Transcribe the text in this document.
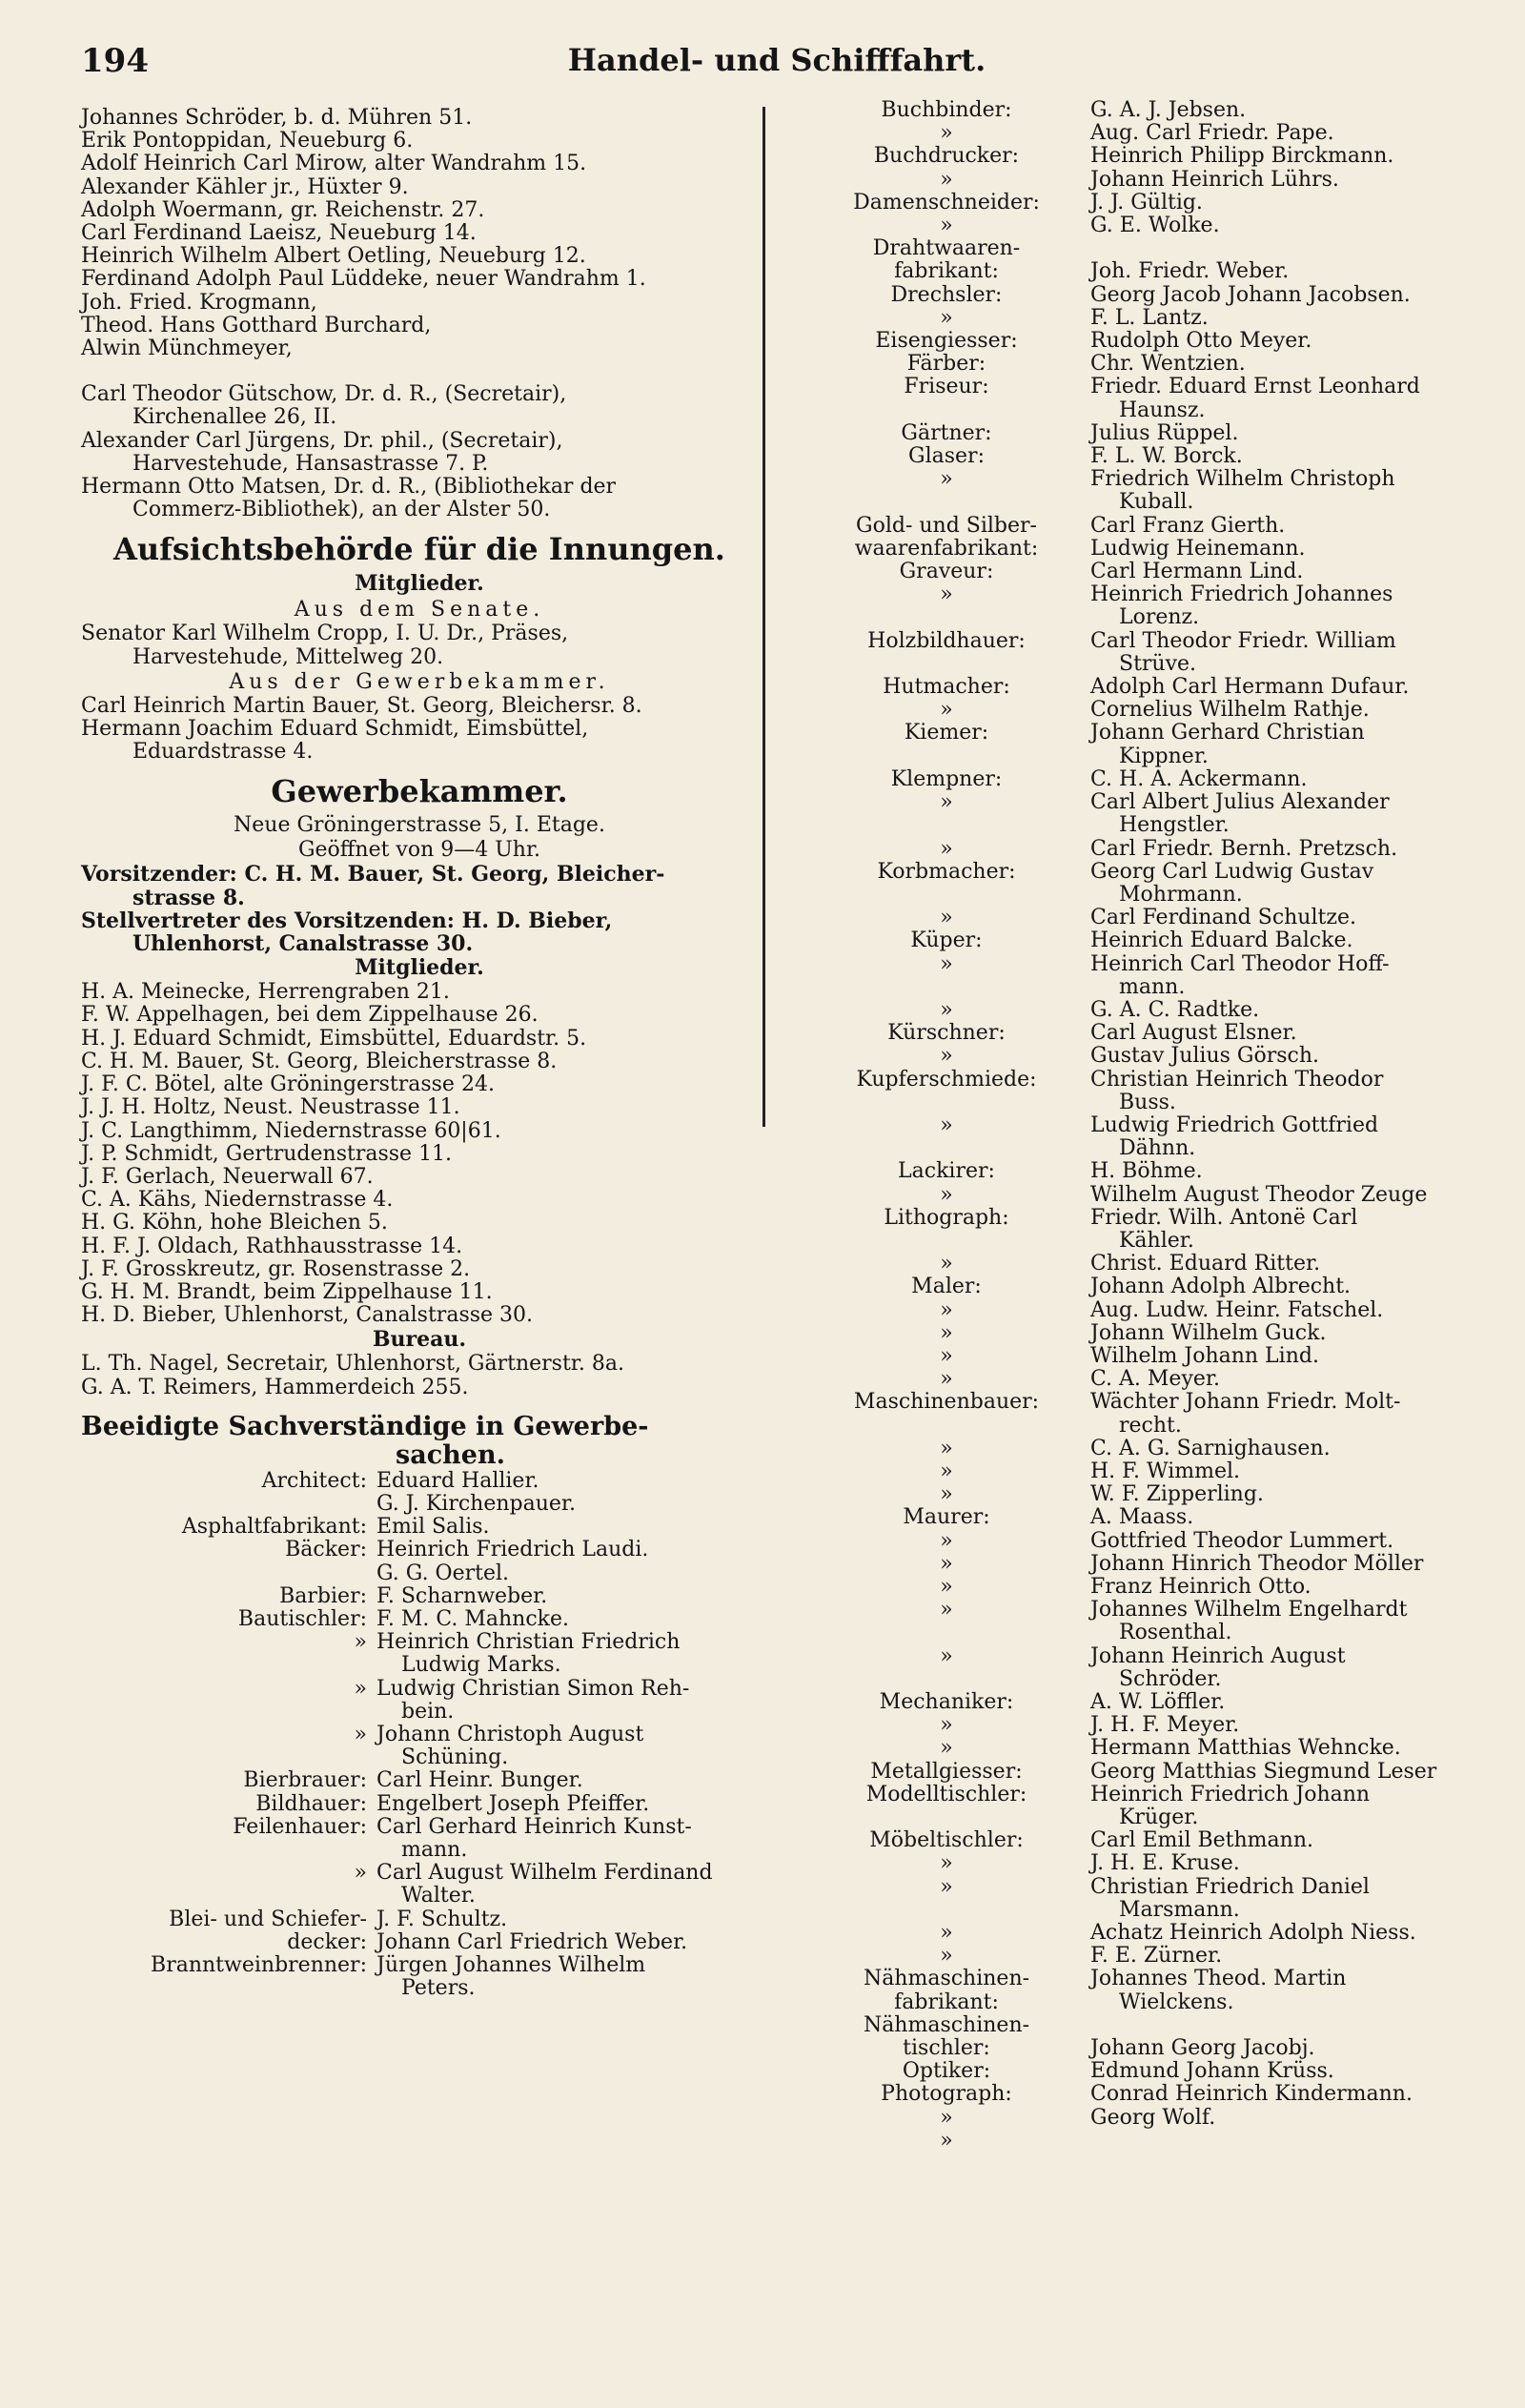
194	Handel- und Schifffahrt.
Johannes Schröder, b. d. Mühren 51.
Erik Pontoppidan, Neueburg 6.
Adolf Heinrich Carl Mirow, alter Wandrahm 15.
Alexander Kähler jr., Hüxter 9.
Adolph Woermann, gr. Reichenstr. 27.
Carl Ferdinand Laeisz, Neueburg 14.
Heinrich Wilhelm Albert Oetling, Neueburg 12.
Ferdinand Adolph Paul Lüddeke, neuer Wandrahm 1.
Joh. Fried. Krogmann,
Theod. Hans Gotthard Burchard,
Alwin Münchmeyer,
Carl Theodor Gütschow, Dr. d. R., (Secretair),
Kirchenallee 26, II.
Alexander Carl Jürgens, Dr. phil., (Secretair),
Harvestehude, Hansastrasse 7. P.
Hermann Otto Matsen, Dr. d. R., (Bibliothekar der
Commerz-Bibliothek), an der Alster 50.
Aufsichtsbehörde für die Innungen.
Mitglieder.
Aus dem Senate.
Senator Karl Wilhelm Cropp, I. U. Dr., Präses,
Harvestehude, Mittelweg 20.
Aus der Gewerbekammer.
Carl Heinrich Martin Bauer, St. Georg, Bleichersr. 8.
Hermann Joachim Eduard Schmidt, Eimsbüttel,
Eduardstrasse 4.
Gewerbekammer.
Neue Gröningerstrasse 5, I. Etage.
Geöffnet von 9—4 Uhr.
Vorsitzender: C. H. M. Bauer, St. Georg, Bleicher-
strasse 8.
Stellvertreter des Vorsitzenden: H. D. Bieber,
Uhlenhorst, Canalstrasse 30.
Mitglieder.
H. A. Meinecke, Herrengraben 21.
F. W. Appelhagen, bei dem Zippelhause 26.
H. J. Eduard Schmidt, Eimsbüttel, Eduardstr. 5.
C. H. M. Bauer, St. Georg, Bleicherstrasse 8.
J. F. C. Bötel, alte Gröningerstrasse 24.
J. J. H. Holtz, Neust. Neustrasse 11.
J. C. Langthimm, Niedernstrasse 60|61.
J. P. Schmidt, Gertrudenstrasse 11.
J. F. Gerlach, Neuerwall 67.
C. A. Kähs, Niedernstrasse 4.
H. G. Köhn, hohe Bleichen 5.
H. F. J. Oldach, Rathhausstrasse 14.
J. F. Grosskreutz, gr. Rosenstrasse 2.
G. H. M. Brandt, beim Zippelhause 11.
H. D. Bieber, Uhlenhorst, Canalstrasse 30.
Bureau.
L. Th. Nagel, Secretair, Uhlenhorst, Gärtnerstr. 8a.
G. A. T. Reimers, Hammerdeich 255.
Beeidigte Sachverständige in Gewerbe-
sachen.
Architect: Eduard Hallier.
G. J. Kirchenpauer.
Asphaltfabrikant: Emil Salis.
Bäcker: Heinrich Friedrich Laudi.
G. G. Oertel.
Barbier: F. Scharnweber.
Bautischler: F. M. C. Mahncke.
» Heinrich Christian Friedrich
Ludwig Marks.
» Ludwig Christian Simon Reh-
bein.
» Johann Christoph August
Schüning.
Bierbrauer: Carl Heinr. Bunger.
Bildhauer: Engelbert Joseph Pfeiffer.
Feilenhauer: Carl Gerhard Heinrich Kunst-
mann.
» Carl August Wilhelm Ferdinand
Walter.
Blei- und Schiefer- J. F. Schultz.
decker: Johann Carl Friedrich Weber.
Branntweinbrenner: Jürgen Johannes Wilhelm
Peters.
Buchbinder:	G. A. J. Jebsen.
»	Aug. Carl Friedr. Pape.
Buchdrucker:	Heinrich Philipp Birckmann.
»	Johann Heinrich Lührs.
Damenschneider:	J. J. Gültig.
»	G. E. Wolke.
Drahtwaaren-
fabrikant:	Joh. Friedr. Weber.
Drechsler:	Georg Jacob Johann Jacobsen.
»	F. L. Lantz.
Eisengiesser:	Rudolph Otto Meyer.
Färber:	Chr. Wentzien.
Friseur:	Friedr. Eduard Ernst Leonhard
Haunsz.
Gärtner:	Julius Rüppel.
Glaser:	F. L. W. Borck.
»	Friedrich Wilhelm Christoph
Kuball.
Gold- und Silber-	Carl Franz Gierth.
waarenfabrikant:	Ludwig Heinemann.
Graveur:	Carl Hermann Lind.
»	Heinrich Friedrich Johannes
Lorenz.
Holzbildhauer:	Carl Theodor Friedr. William
Strüve.
Hutmacher:	Adolph Carl Hermann Dufaur.
»	Cornelius Wilhelm Rathje.
Kiemer:	Johann Gerhard Christian
Kippner.
Klempner:	C. H. A. Ackermann.
»	Carl Albert Julius Alexander
Hengstler.
»	Carl Friedr. Bernh. Pretzsch.
Korbmacher:	Georg Carl Ludwig Gustav
Mohrmann.
»	Carl Ferdinand Schultze.
Küper:	Heinrich Eduard Balcke.
»	Heinrich Carl Theodor Hoff-
mann.
»	G. A. C. Radtke.
Kürschner:	Carl August Elsner.
»	Gustav Julius Görsch.
Kupferschmiede:	Christian Heinrich Theodor
Buss.
»	Ludwig Friedrich Gottfried
Dähnn.
Lackirer:	H. Böhme.
»	Wilhelm August Theodor Zeuge
Lithograph:	Friedr. Wilh. Antonë Carl
Kähler.
»	Christ. Eduard Ritter.
Maler:	Johann Adolph Albrecht.
»	Aug. Ludw. Heinr. Fatschel.
»	Johann Wilhelm Guck.
»	Wilhelm Johann Lind.
»	C. A. Meyer.
Maschinenbauer:	Wächter Johann Friedr. Molt-
recht.
»	C. A. G. Sarnighausen.
»	H. F. Wimmel.
»	W. F. Zipperling.
Maurer:	A. Maass.
»	Gottfried Theodor Lummert.
»	Johann Hinrich Theodor Möller
»	Franz Heinrich Otto.
»	Johannes Wilhelm Engelhardt
Rosenthal.
»	Johann Heinrich August
Schröder.
Mechaniker:	A. W. Löffler.
»	J. H. F. Meyer.
»	Hermann Matthias Wehncke.
Metallgiesser:	Georg Matthias Siegmund Leser
Modelltischler:	Heinrich Friedrich Johann
Krüger.
Möbeltischler:	Carl Emil Bethmann.
»	J. H. E. Kruse.
»	Christian Friedrich Daniel
Marsmann.
»	Achatz Heinrich Adolph Niess.
»	F. E. Zürner.
Nähmaschinen-	Johannes Theod. Martin
fabrikant:	Wielckens.
Nähmaschinen-
tischler:	Johann Georg Jacobj.
Optiker:	Edmund Johann Krüss.
Photograph:	Conrad Heinrich Kindermann.
»	Georg Wolf.
»
